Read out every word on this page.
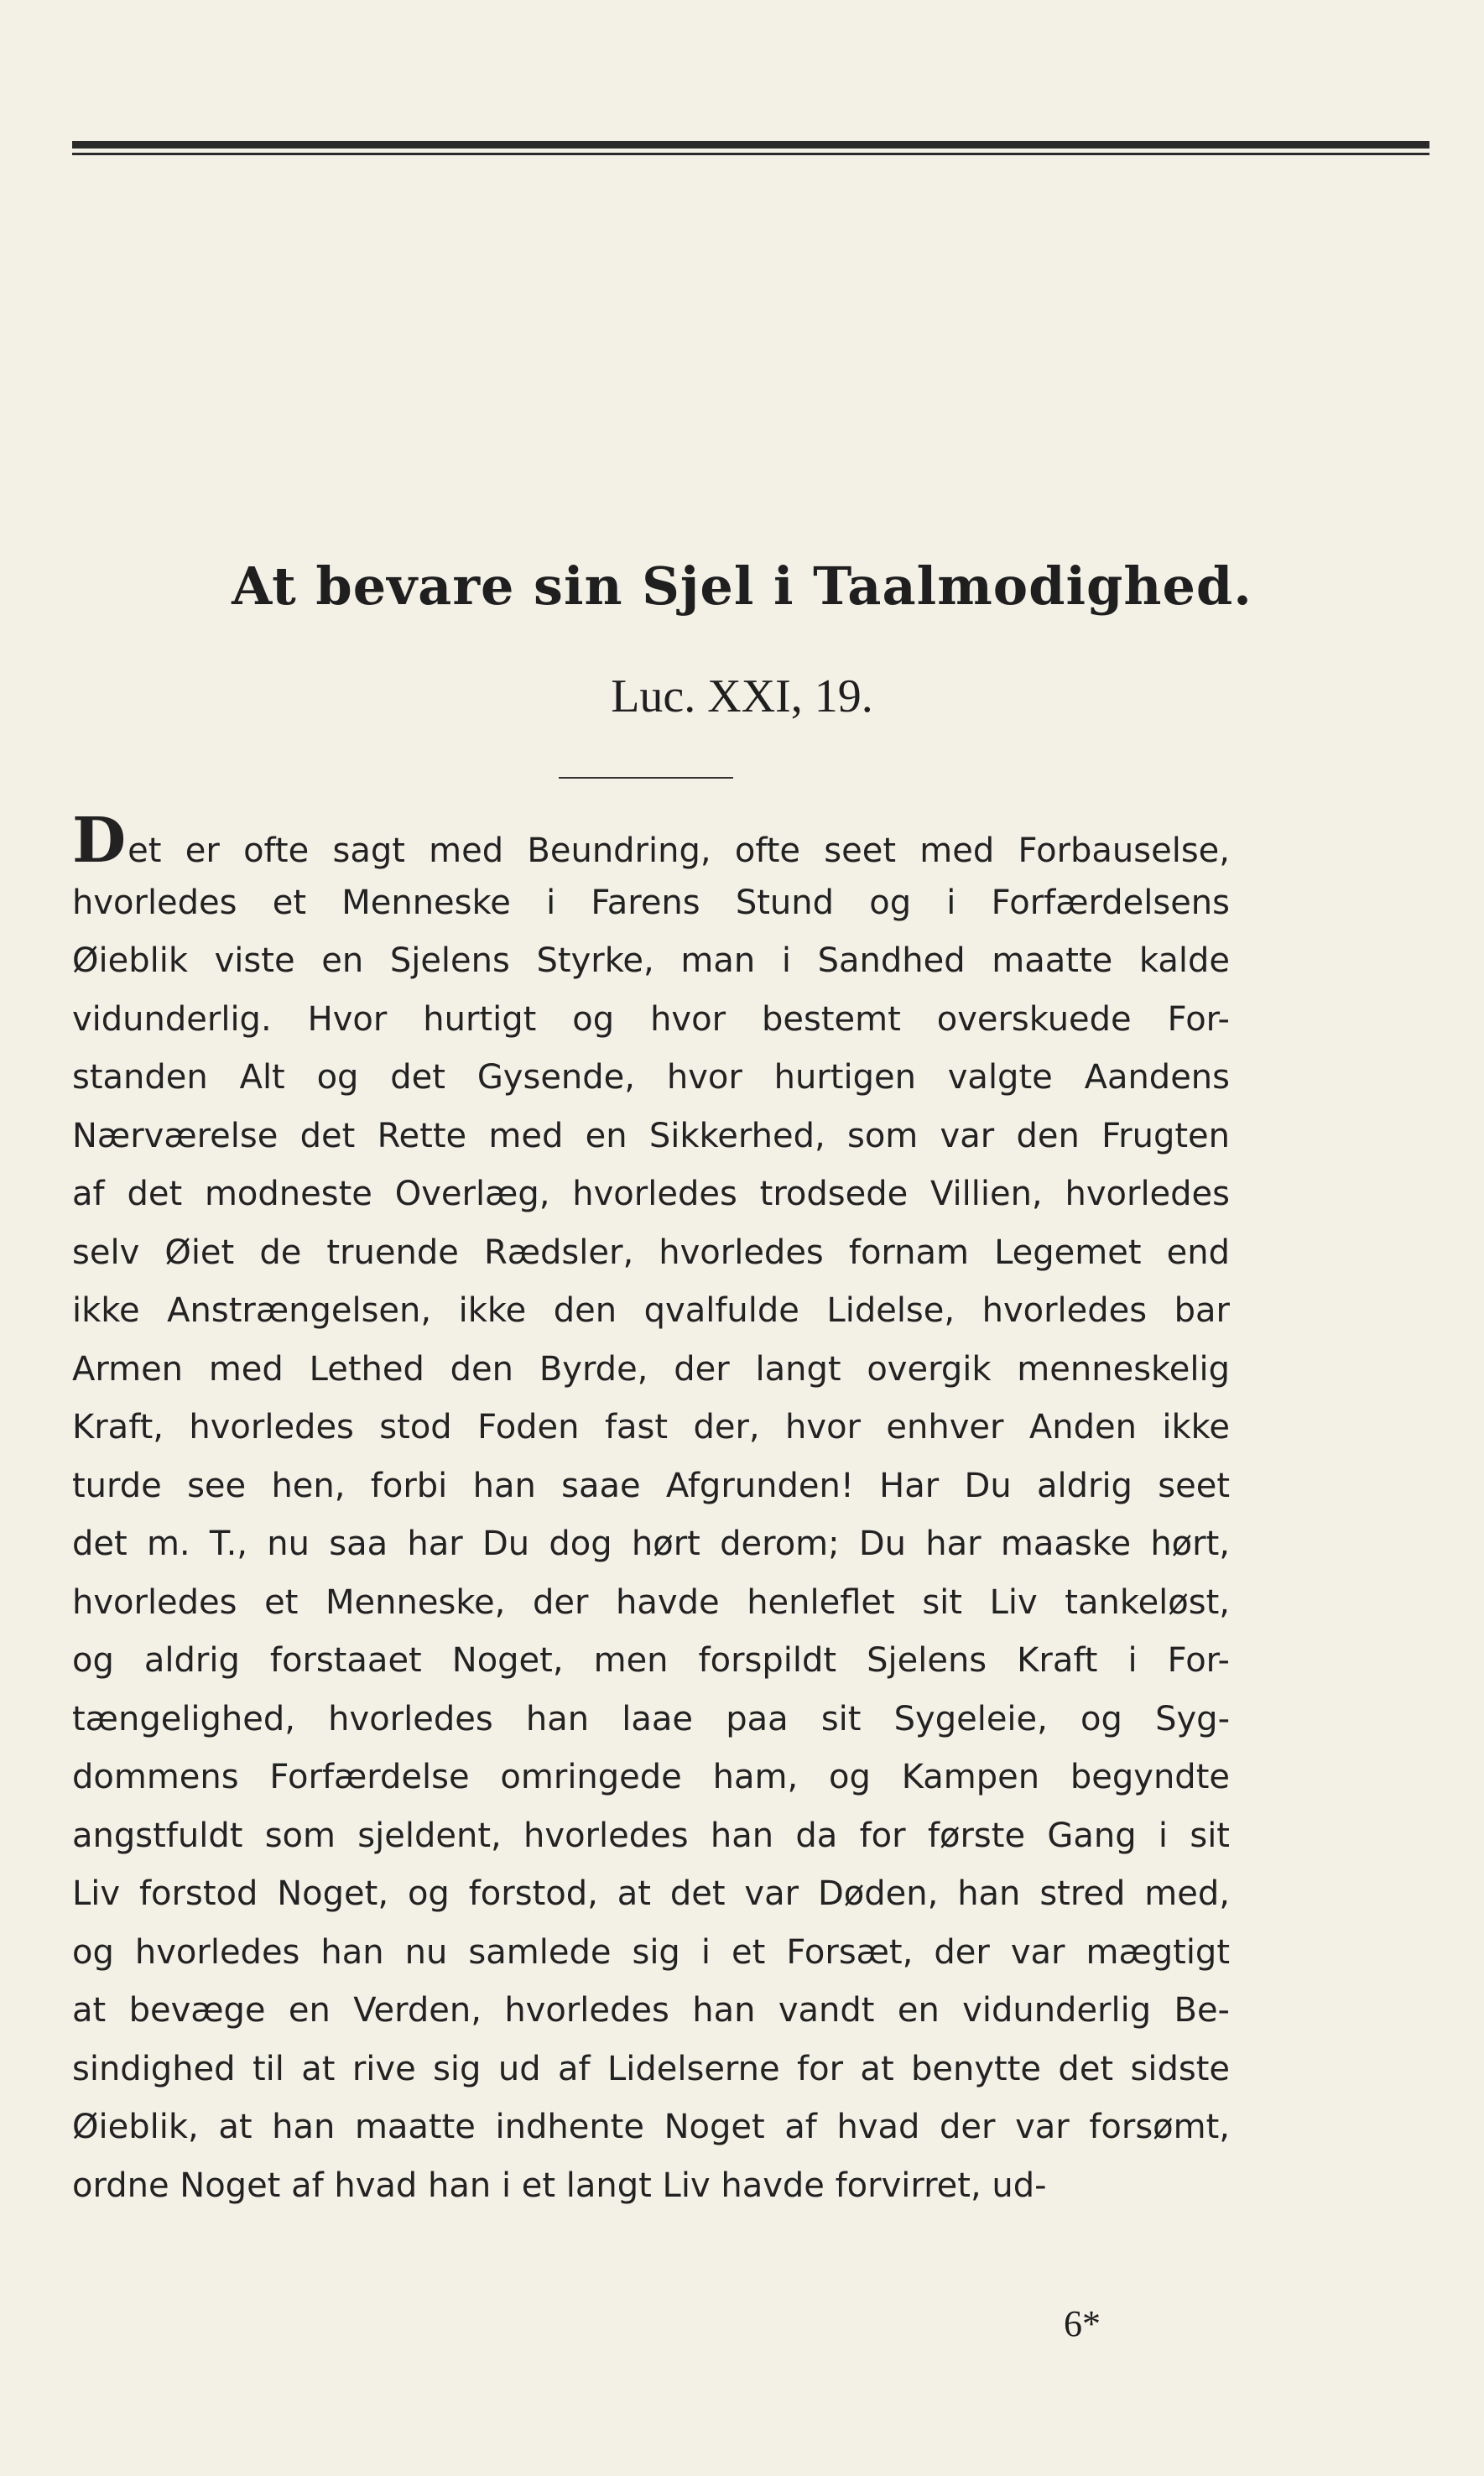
At bevare sin Sjel i Taalmodighed.
Luc. XXI, 19.
Det er ofte sagt med Beundring, ofte seet med Forbauselse,
hvorledes et Menneske i Farens Stund og i Forfærdelsens
Øieblik viste en Sjelens Styrke, man i Sandhed maatte kalde
vidunderlig. Hvor hurtigt og hvor bestemt overskuede For-
standen Alt og det Gysende, hvor hurtigen valgte Aandens
Nærværelse det Rette med en Sikkerhed, som var den Frugten
af det modneste Overlæg, hvorledes trodsede Villien, hvorledes
selv Øiet de truende Rædsler, hvorledes fornam Legemet end
ikke Anstrængelsen, ikke den qvalfulde Lidelse, hvorledes bar
Armen med Lethed den Byrde, der langt overgik menneskelig
Kraft, hvorledes stod Foden fast der, hvor enhver Anden ikke
turde see hen, forbi han saae Afgrunden! Har Du aldrig seet
det m. T., nu saa har Du dog hørt derom; Du har maaske hørt,
hvorledes et Menneske, der havde henleflet sit Liv tankeløst,
og aldrig forstaaet Noget, men forspildt Sjelens Kraft i For-
tængelighed, hvorledes han laae paa sit Sygeleie, og Syg-
dommens Forfærdelse omringede ham, og Kampen begyndte
angstfuldt som sjeldent, hvorledes han da for første Gang i sit
Liv forstod Noget, og forstod, at det var Døden, han stred med,
og hvorledes han nu samlede sig i et Forsæt, der var mægtigt
at bevæge en Verden, hvorledes han vandt en vidunderlig Be-
sindighed til at rive sig ud af Lidelserne for at benytte det sidste
Øieblik, at han maatte indhente Noget af hvad der var forsømt,
ordne Noget af hvad han i et langt Liv havde forvirret, ud-
6*
